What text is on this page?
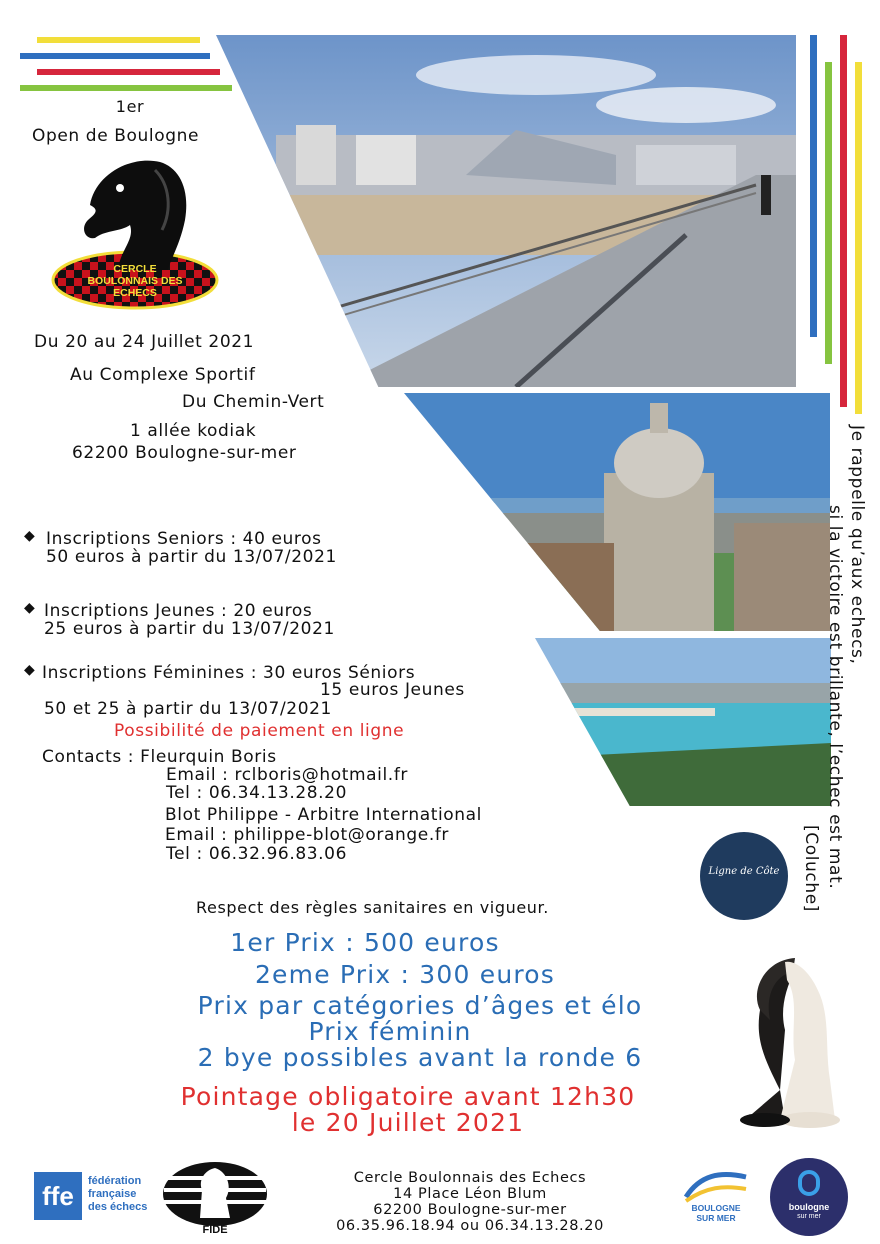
1er
Open de Boulogne
CERCLE
BOULONNAIS DES
ECHECS
Du 20 au 24 Juillet 2021
Au Complexe Sportif
Du Chemin-Vert
1 allée kodiak
62200 Boulogne-sur-mer
◆ Inscriptions Seniors : 40 euros
50 euros à partir du 13/07/2021
◆ Inscriptions Jeunes : 20 euros
25 euros à partir du 13/07/2021
◆ Inscriptions Féminines : 30 euros Séniors
15 euros Jeunes
50 et 25 à partir du 13/07/2021
Possibilité de paiement en ligne
Contacts : Fleurquin Boris
Email : rclboris@hotmail.fr
Tel : 06.34.13.28.20
Blot Philippe - Arbitre International
Email : philippe-blot@orange.fr
Tel : 06.32.96.83.06
Respect des règles sanitaires en vigueur.
1er Prix : 500 euros
2eme Prix : 300 euros
Prix par catégories d’âges et élo
Prix féminin
2 bye possibles avant la ronde 6
Pointage obligatoire avant 12h30
le 20 Juillet 2021
Je rappelle qu’aux echecs,
si la victoire est brillante, l’echec est mat.
[Coluche]
Ligne de Côte
ffe	fédération
française
des échecs
FIDE
Cercle Boulonnais des Echecs
14 Place Léon Blum
62200 Boulogne-sur-mer
06.35.96.18.94 ou 06.34.13.28.20
BOULOGNE
SUR MER
boulogne
sur mer
